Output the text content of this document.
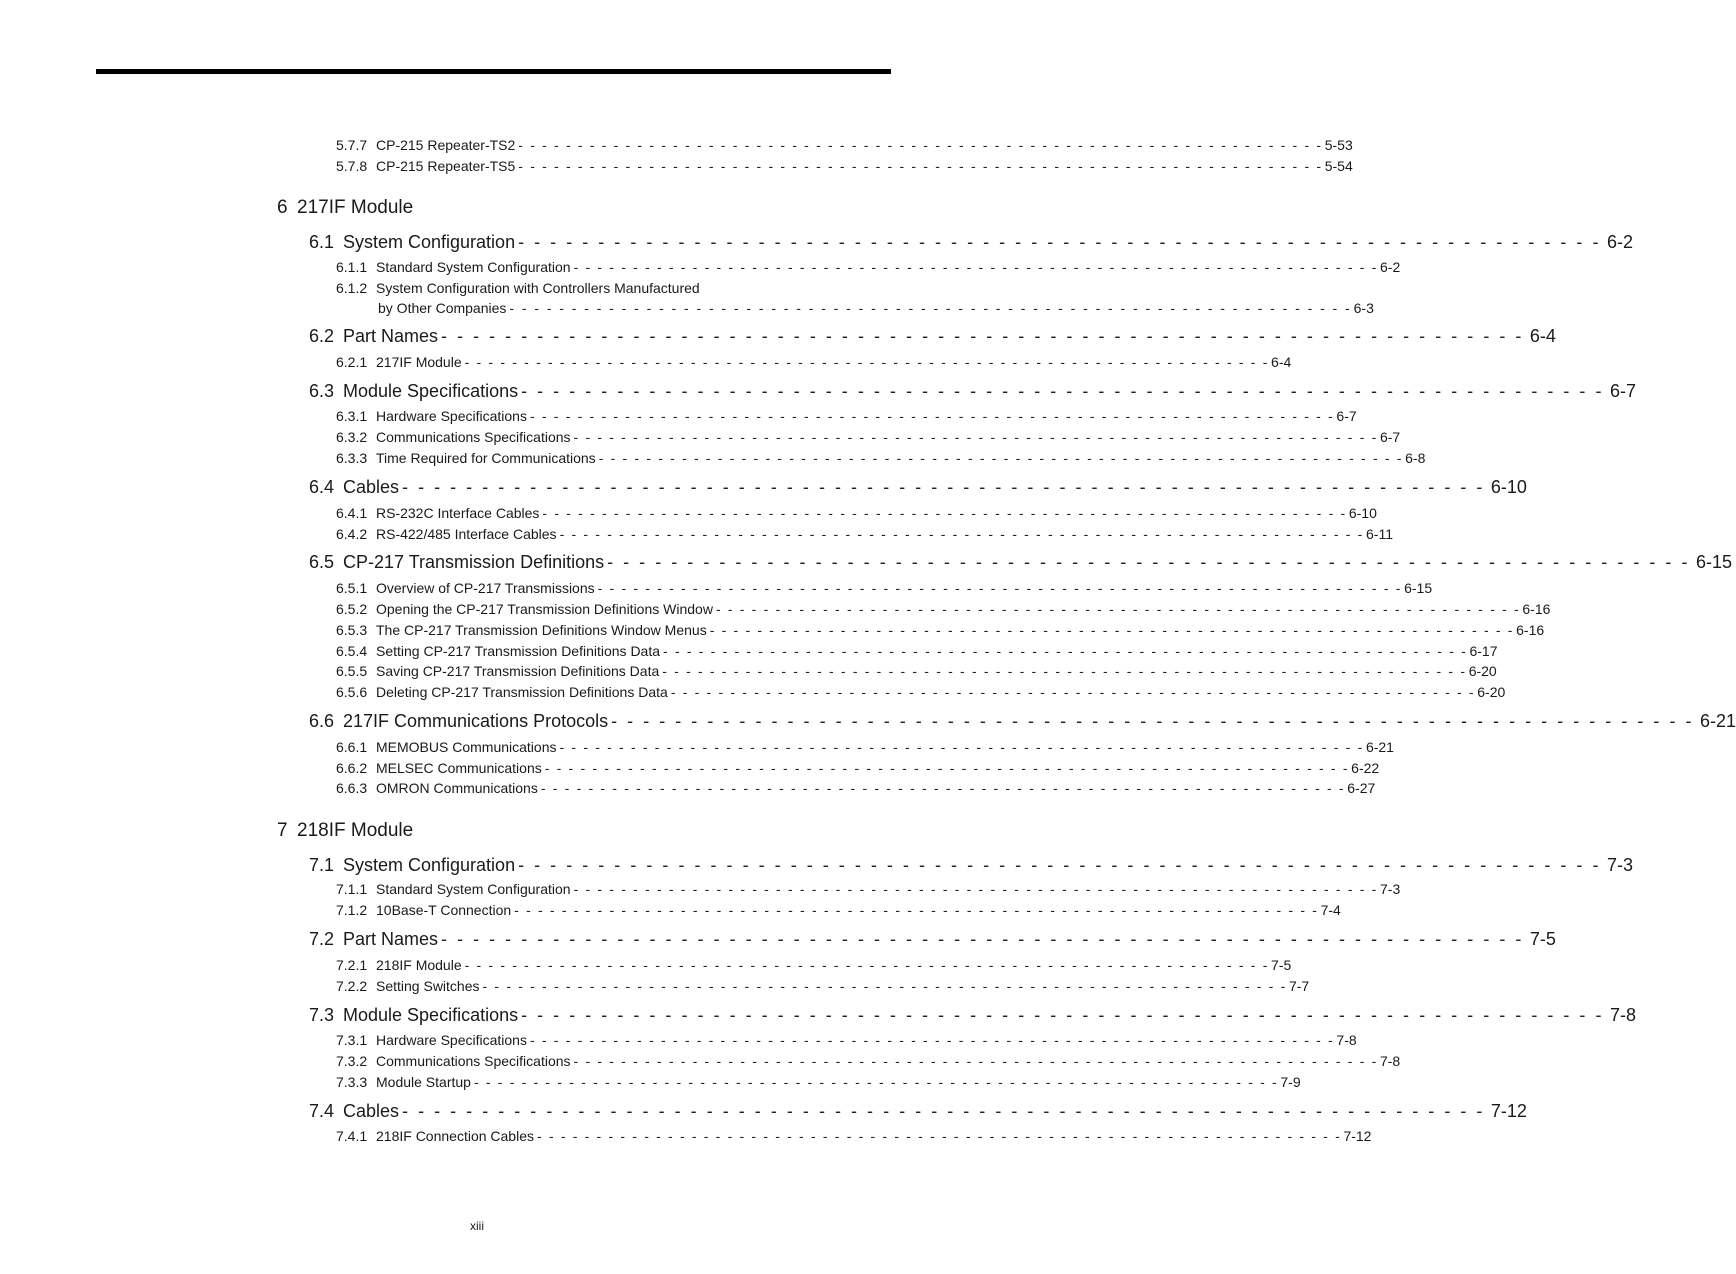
5.7.7 CP-215 Repeater-TS2 - - - - - - - - - - - - - - - - - - - - - - - - - - - - - - - - - - - - - - - - - - - - - - - - - - - - - - - - - - - - - - - - - - - - 5-53
5.7.8 CP-215 Repeater-TS5 - - - - - - - - - - - - - - - - - - - - - - - - - - - - - - - - - - - - - - - - - - - - - - - - - - - - - - - - - - - - - - - - - - - - 5-54
6 217IF Module
6.1 System Configuration - - - - - - - - - - - - - - - - - - - - - - - - - - - - - - - - - - - - - - - - - - - - - - - - - - - - - - - - - - - - - - - - - - - - 6-2
6.1.1 Standard System Configuration - - - - - - - - - - - - - - - - - - - - - - - - - - - - - - - - - - - - - - - - - - - - - - - - - - - - - - - - - - - - - - - - - - - - 6-2
6.1.2 System Configuration with Controllers Manufactured
by Other Companies - - - - - - - - - - - - - - - - - - - - - - - - - - - - - - - - - - - - - - - - - - - - - - - - - - - - - - - - - - - - - - - - - - - - 6-3
6.2 Part Names - - - - - - - - - - - - - - - - - - - - - - - - - - - - - - - - - - - - - - - - - - - - - - - - - - - - - - - - - - - - - - - - - - - - 6-4
6.2.1 217IF Module - - - - - - - - - - - - - - - - - - - - - - - - - - - - - - - - - - - - - - - - - - - - - - - - - - - - - - - - - - - - - - - - - - - - 6-4
6.3 Module Specifications - - - - - - - - - - - - - - - - - - - - - - - - - - - - - - - - - - - - - - - - - - - - - - - - - - - - - - - - - - - - - - - - - - - - 6-7
6.3.1 Hardware Specifications - - - - - - - - - - - - - - - - - - - - - - - - - - - - - - - - - - - - - - - - - - - - - - - - - - - - - - - - - - - - - - - - - - - - 6-7
6.3.2 Communications Specifications - - - - - - - - - - - - - - - - - - - - - - - - - - - - - - - - - - - - - - - - - - - - - - - - - - - - - - - - - - - - - - - - - - - - 6-7
6.3.3 Time Required for Communications - - - - - - - - - - - - - - - - - - - - - - - - - - - - - - - - - - - - - - - - - - - - - - - - - - - - - - - - - - - - - - - - - - - - 6-8
6.4 Cables - - - - - - - - - - - - - - - - - - - - - - - - - - - - - - - - - - - - - - - - - - - - - - - - - - - - - - - - - - - - - - - - - - - - 6-10
6.4.1 RS-232C Interface Cables - - - - - - - - - - - - - - - - - - - - - - - - - - - - - - - - - - - - - - - - - - - - - - - - - - - - - - - - - - - - - - - - - - - - 6-10
6.4.2 RS-422/485 Interface Cables - - - - - - - - - - - - - - - - - - - - - - - - - - - - - - - - - - - - - - - - - - - - - - - - - - - - - - - - - - - - - - - - - - - - 6-11
6.5 CP-217 Transmission Definitions - - - - - - - - - - - - - - - - - - - - - - - - - - - - - - - - - - - - - - - - - - - - - - - - - - - - - - - - - - - - - - - - - - - - 6-15
6.5.1 Overview of CP-217 Transmissions - - - - - - - - - - - - - - - - - - - - - - - - - - - - - - - - - - - - - - - - - - - - - - - - - - - - - - - - - - - - - - - - - - - - 6-15
6.5.2 Opening the CP-217 Transmission Definitions Window - - - - - - - - - - - - - - - - - - - - - - - - - - - - - - - - - - - - - - - - - - - - - - - - - - - - - - - - - - - - - - - - - - - - 6-16
6.5.3 The CP-217 Transmission Definitions Window Menus - - - - - - - - - - - - - - - - - - - - - - - - - - - - - - - - - - - - - - - - - - - - - - - - - - - - - - - - - - - - - - - - - - - - 6-16
6.5.4 Setting CP-217 Transmission Definitions Data - - - - - - - - - - - - - - - - - - - - - - - - - - - - - - - - - - - - - - - - - - - - - - - - - - - - - - - - - - - - - - - - - - - - 6-17
6.5.5 Saving CP-217 Transmission Definitions Data - - - - - - - - - - - - - - - - - - - - - - - - - - - - - - - - - - - - - - - - - - - - - - - - - - - - - - - - - - - - - - - - - - - - 6-20
6.5.6 Deleting CP-217 Transmission Definitions Data - - - - - - - - - - - - - - - - - - - - - - - - - - - - - - - - - - - - - - - - - - - - - - - - - - - - - - - - - - - - - - - - - - - - 6-20
6.6 217IF Communications Protocols - - - - - - - - - - - - - - - - - - - - - - - - - - - - - - - - - - - - - - - - - - - - - - - - - - - - - - - - - - - - - - - - - - - - 6-21
6.6.1 MEMOBUS Communications - - - - - - - - - - - - - - - - - - - - - - - - - - - - - - - - - - - - - - - - - - - - - - - - - - - - - - - - - - - - - - - - - - - - 6-21
6.6.2 MELSEC Communications - - - - - - - - - - - - - - - - - - - - - - - - - - - - - - - - - - - - - - - - - - - - - - - - - - - - - - - - - - - - - - - - - - - - 6-22
6.6.3 OMRON Communications - - - - - - - - - - - - - - - - - - - - - - - - - - - - - - - - - - - - - - - - - - - - - - - - - - - - - - - - - - - - - - - - - - - - 6-27
7 218IF Module
7.1 System Configuration - - - - - - - - - - - - - - - - - - - - - - - - - - - - - - - - - - - - - - - - - - - - - - - - - - - - - - - - - - - - - - - - - - - - 7-3
7.1.1 Standard System Configuration - - - - - - - - - - - - - - - - - - - - - - - - - - - - - - - - - - - - - - - - - - - - - - - - - - - - - - - - - - - - - - - - - - - - 7-3
7.1.2 10Base-T Connection - - - - - - - - - - - - - - - - - - - - - - - - - - - - - - - - - - - - - - - - - - - - - - - - - - - - - - - - - - - - - - - - - - - - 7-4
7.2 Part Names - - - - - - - - - - - - - - - - - - - - - - - - - - - - - - - - - - - - - - - - - - - - - - - - - - - - - - - - - - - - - - - - - - - - 7-5
7.2.1 218IF Module - - - - - - - - - - - - - - - - - - - - - - - - - - - - - - - - - - - - - - - - - - - - - - - - - - - - - - - - - - - - - - - - - - - - 7-5
7.2.2 Setting Switches - - - - - - - - - - - - - - - - - - - - - - - - - - - - - - - - - - - - - - - - - - - - - - - - - - - - - - - - - - - - - - - - - - - - 7-7
7.3 Module Specifications - - - - - - - - - - - - - - - - - - - - - - - - - - - - - - - - - - - - - - - - - - - - - - - - - - - - - - - - - - - - - - - - - - - - 7-8
7.3.1 Hardware Specifications - - - - - - - - - - - - - - - - - - - - - - - - - - - - - - - - - - - - - - - - - - - - - - - - - - - - - - - - - - - - - - - - - - - - 7-8
7.3.2 Communications Specifications - - - - - - - - - - - - - - - - - - - - - - - - - - - - - - - - - - - - - - - - - - - - - - - - - - - - - - - - - - - - - - - - - - - - 7-8
7.3.3 Module Startup - - - - - - - - - - - - - - - - - - - - - - - - - - - - - - - - - - - - - - - - - - - - - - - - - - - - - - - - - - - - - - - - - - - - 7-9
7.4 Cables - - - - - - - - - - - - - - - - - - - - - - - - - - - - - - - - - - - - - - - - - - - - - - - - - - - - - - - - - - - - - - - - - - - - 7-12
7.4.1 218IF Connection Cables - - - - - - - - - - - - - - - - - - - - - - - - - - - - - - - - - - - - - - - - - - - - - - - - - - - - - - - - - - - - - - - - - - - - 7-12
xiii
